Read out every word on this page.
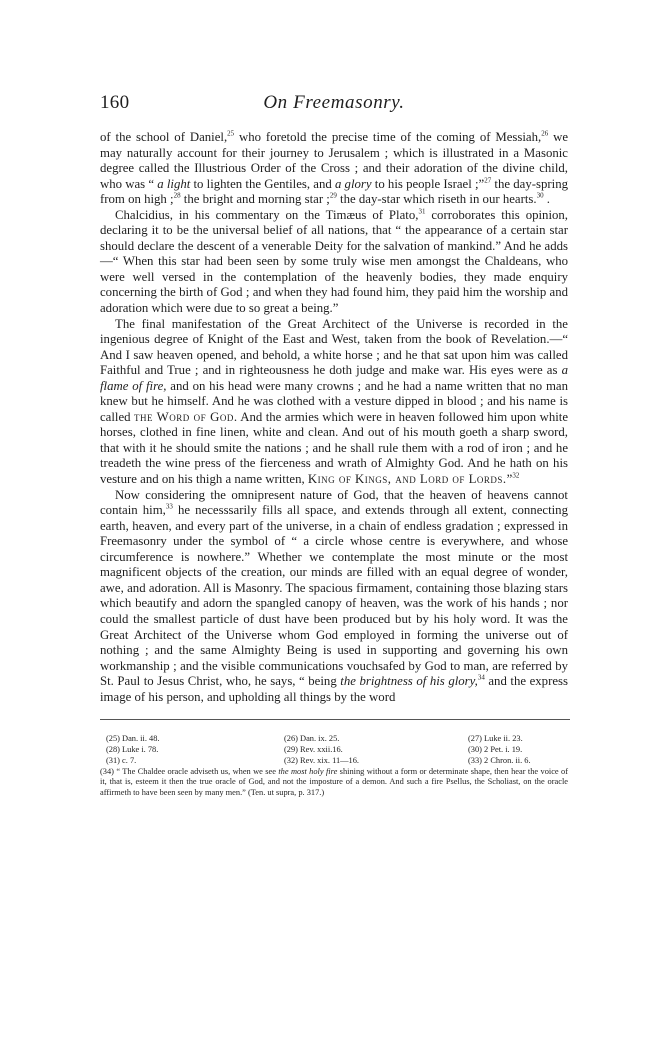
160	On Freemasonry.

of the school of Daniel,$^{25}$ who foretold the precise time of the coming of Messiah,$^{26}$ we may naturally account for their journey to Jerusalem ; which is illustrated in a Masonic degree called the Illustrious Order of the Cross ; and their adoration of the divine child, who was “ a light to lighten the Gentiles, and a glory to his people Israel ;”$^{27}$ the day-spring from on high ;$^{28}$ the bright and morning star ;$^{29}$ the day-star which riseth in our hearts.$^{30}$ .

Chalcidius, in his commentary on the Timæus of Plato,$^{31}$ corroborates this opinion, declaring it to be the universal belief of all nations, that “ the appearance of a certain star should declare the descent of a venerable Deity for the salvation of mankind.” And he adds—“ When this star had been seen by some truly wise men amongst the Chaldeans, who were well versed in the contemplation of the heavenly bodies, they made enquiry concerning the birth of God ; and when they had found him, they paid him the worship and adoration which were due to so great a being.”

The final manifestation of the Great Architect of the Universe is recorded in the ingenious degree of Knight of the East and West, taken from the book of Revelation.—“ And I saw heaven opened, and behold, a white horse ; and he that sat upon him was called Faithful and True ; and in righteousness he doth judge and make war. His eyes were as a flame of fire, and on his head were many crowns ; and he had a name written that no man knew but he himself. And he was clothed with a vesture dipped in blood ; and his name is called the Word of God. And the armies which were in heaven followed him upon white horses, clothed in fine linen, white and clean. And out of his mouth goeth a sharp sword, that with it he should smite the nations ; and he shall rule them with a rod of iron ; and he treadeth the wine press of the fierceness and wrath of Almighty God. And he hath on his vesture and on his thigh a name written, King of Kings, and Lord of Lords.”$^{32}$

Now considering the omnipresent nature of God, that the heaven of heavens cannot contain him,$^{33}$ he necesssarily fills all space, and extends through all extent, connecting earth, heaven, and every part of the universe, in a chain of endless gradation ; expressed in Freemasonry under the symbol of “ a circle whose centre is everywhere, and whose circumference is nowhere.” Whether we contemplate the most minute or the most magnificent objects of the creation, our minds are filled with an equal degree of wonder, awe, and adoration. All is Masonry. The spacious firmament, containing those blazing stars which beautify and adorn the spangled canopy of heaven, was the work of his hands ; nor could the smallest particle of dust have been produced but by his holy word. It was the Great Architect of the Universe whom God employed in forming the universe out of nothing ; and the same Almighty Being is used in supporting and governing his own workmanship ; and the visible communications vouchsafed by God to man, are referred by St. Paul to Jesus Christ, who, he says, “ being the brightness of his glory,$^{34}$ and the express image of his person, and upholding all things by the word

(25) Dan. ii. 48.	(26) Dan. ix. 25.	(27) Luke ii. 23.
(28) Luke i. 78.	(29) Rev. xxii.16.	(30) 2 Pet. i. 19.
(31) c. 7.	(32) Rev. xix. 11—16.	(33) 2 Chron. ii. 6.

(34) “ The Chaldee oracle adviseth us, when we see the most holy fire shining without a form or determinate shape, then hear the voice of it, that is, esteem it then the true oracle of God, and not the imposture of a demon. And such a fire Psellus, the Scholiast, on the oracle affirmeth to have been seen by many men.” (Ten. ut supra, p. 317.)
